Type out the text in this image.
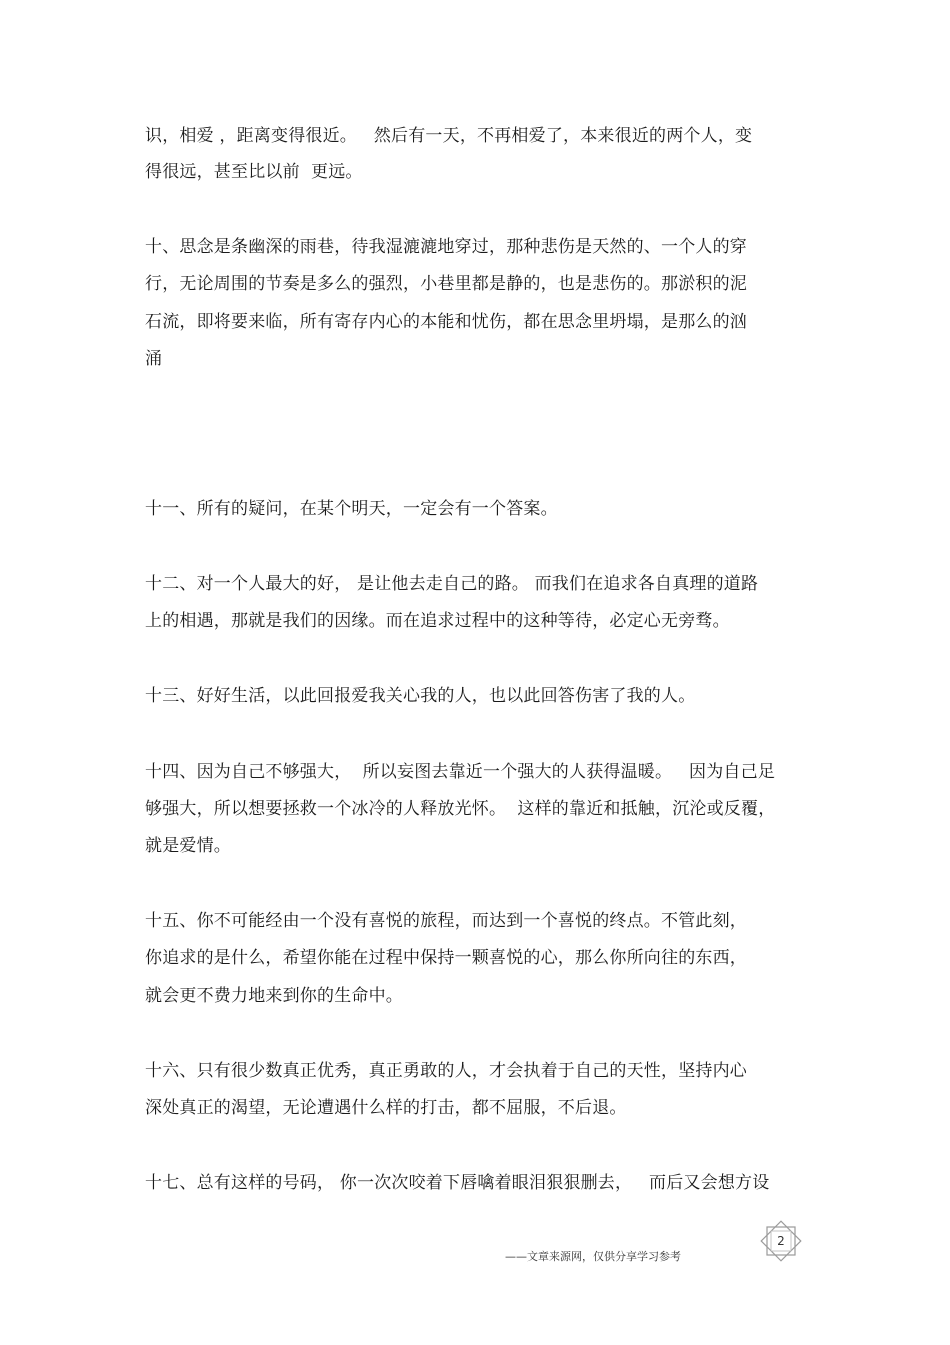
识，相爱 ，距离变得很近。   然后有一天，不再相爱了，本来很近的两个人，变
得很远，甚至比以前  更远。
十、思念是条幽深的雨巷，待我湿漉漉地穿过，那种悲伤是天然的、一个人的穿
行，无论周围的节奏是多么的强烈，小巷里都是静的，也是悲伤的。那淤积的泥
石流，即将要来临，所有寄存内心的本能和忧伤，都在思念里坍塌，是那么的汹
涌
十一、所有的疑问，在某个明天，一定会有一个答案。
十二、对一个人最大的好， 是让他去走自己的路。 而我们在追求各自真理的道路
上的相遇，那就是我们的因缘。而在追求过程中的这种等待，必定心无旁骛。
十三、好好生活，以此回报爱我关心我的人，也以此回答伤害了我的人。
十四、因为自己不够强大，  所以妄图去靠近一个强大的人获得温暖。   因为自己足
够强大，所以想要拯救一个冰冷的人释放光怀。  这样的靠近和抵触，沉沦或反覆，
就是爱情。
十五、你不可能经由一个没有喜悦的旅程，而达到一个喜悦的终点。不管此刻，
你追求的是什么，希望你能在过程中保持一颗喜悦的心，那么你所向往的东西，
就会更不费力地来到你的生命中。
十六、只有很少数真正优秀，真正勇敢的人，才会执着于自己的天性，坚持内心
深处真正的渴望，无论遭遇什么样的打击，都不屈服，不后退。
十七、总有这样的号码， 你一次次咬着下唇噙着眼泪狠狠删去，   而后又会想方设
——文章来源网，仅供分享学习参考
2
